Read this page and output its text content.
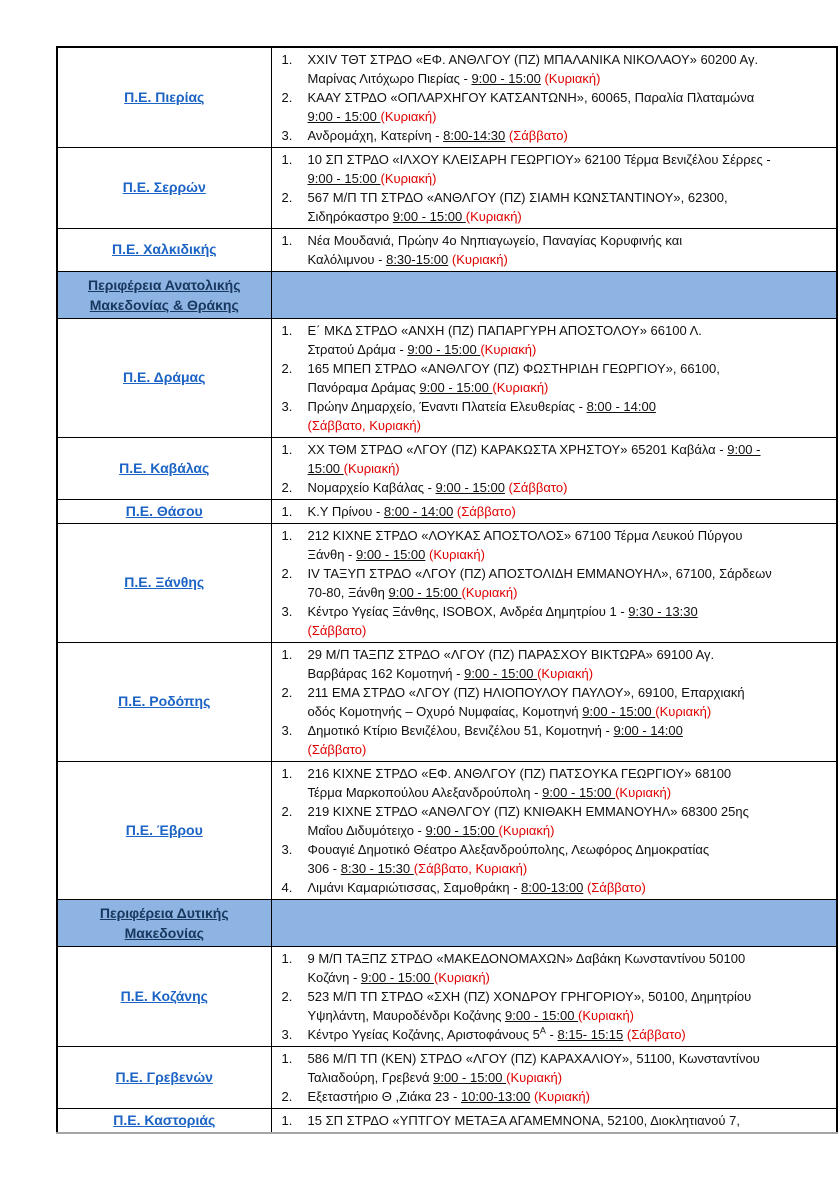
Π.Ε. Πιερίας	
1.	XXIV ΤΘΤ ΣΤΡΔΟ «ΕΦ. ΑΝΘΛΓΟΥ (ΠΖ) ΜΠΑΛΑΝΙΚΑ ΝΙΚΟΛΑΟΥ» 60200 Αγ.
Μαρίνας Λιτόχωρο Πιερίας - 9:00 - 15:00 (Κυριακή)
2.	ΚΑΑΥ ΣΤΡΔΟ «ΟΠΛΑΡΧΗΓΟΥ ΚΑΤΣΑΝΤΩΝΗ», 60065, Παραλία Πλαταμώνα
9:00 - 15:00 (Κυριακή)
3.	Ανδρομάχη, Κατερίνη - 8:00-14:30 (Σάββατο)

Π.Ε. Σερρών	
1.	10 ΣΠ ΣΤΡΔΟ «ΙΛΧΟΥ ΚΛΕΙΣΑΡΗ ΓΕΩΡΓΙΟΥ» 62100 Τέρμα Βενιζέλου Σέρρες -
9:00 - 15:00 (Κυριακή)
2.	567 Μ/Π ΤΠ ΣΤΡΔΟ «ΑΝΘΛΓΟΥ (ΠΖ) ΣΙΑΜΗ ΚΩΝΣΤΑΝΤΙΝΟΥ», 62300,
Σιδηρόκαστρο 9:00 - 15:00 (Κυριακή)

Π.Ε. Χαλκιδικής	1. Νέα Μουδανιά, Πρώην 4ο Νηπιαγωγείο, Παναγίας Κορυφινής και
Καλόλιμνου - 8:30-15:00 (Κυριακή)

Περιφέρεια Ανατολικής
Μακεδονίας & Θράκης	

Π.Ε. Δράμας	
1.	Ε΄ ΜΚΔ ΣΤΡΔΟ «ΑΝΧΗ (ΠΖ) ΠΑΠΑΡΓΥΡΗ ΑΠΟΣΤΟΛΟΥ» 66100 Λ.
Στρατού Δράμα - 9:00 - 15:00 (Κυριακή)
2.	165 ΜΠΕΠ ΣΤΡΔΟ «ΑΝΘΛΓΟΥ (ΠΖ) ΦΩΣΤΗΡΙΔΗ ΓΕΩΡΓΙΟΥ», 66100,
Πανόραμα Δράμας 9:00 - 15:00 (Κυριακή)
3.	Πρώην Δημαρχείο, Έναντι Πλατεία Ελευθερίας - 8:00 - 14:00
(Σάββατο, Κυριακή)

Π.Ε. Καβάλας	1. ΧΧ ΤΘΜ ΣΤΡΔΟ «ΛΓΟΥ (ΠΖ) ΚΑΡΑΚΩΣΤΑ ΧΡΗΣΤΟΥ» 65201 Καβάλα - 9:00 -
15:00 (Κυριακή)
2. Νομαρχείο Καβάλας - 9:00 - 15:00 (Σάββατο)

Π.Ε. Θάσου	1. Κ.Υ Πρίνου - 8:00 - 14:00 (Σάββατο)

Π.Ε. Ξάνθης	
1.	212 ΚΙΧΝΕ ΣΤΡΔΟ «ΛΟΥΚΑΣ ΑΠΟΣΤΟΛΟΣ» 67100 Τέρμα Λευκού Πύργου
Ξάνθη - 9:00 - 15:00 (Κυριακή)
2.	IV ΤΑΞΥΠ ΣΤΡΔΟ «ΛΓΟΥ (ΠΖ) ΑΠΟΣΤΟΛΙΔΗ ΕΜΜΑΝΟΥΗΛ», 67100, Σάρδεων
70-80, Ξάνθη 9:00 - 15:00 (Κυριακή)
3.	Κέντρο Υγείας Ξάνθης, ISOBOX, Ανδρέα Δημητρίου 1 - 9:30 - 13:30
(Σάββατο)

Π.Ε. Ροδόπης	
1.	29 Μ/Π ΤΑΞΠΖ ΣΤΡΔΟ «ΛΓΟΥ (ΠΖ) ΠΑΡΑΣΧΟΥ ΒΙΚΤΩΡΑ» 69100 Αγ.
Βαρβάρας 162 Κομοτηνή - 9:00 - 15:00 (Κυριακή)
2.	211 ΕΜΑ ΣΤΡΔΟ «ΛΓΟΥ (ΠΖ) ΗΛΙΟΠΟΥΛΟΥ ΠΑΥΛΟΥ», 69100, Επαρχιακή
οδός Κομοτηνής – Οχυρό Νυμφαίας, Κομοτηνή 9:00 - 15:00 (Κυριακή)
3.	Δημοτικό Κτίριο Βενιζέλου, Βενιζέλου 51, Κομοτηνή - 9:00 - 14:00
(Σάββατο)

Π.Ε. Έβρου	
1.	216 ΚΙΧΝΕ ΣΤΡΔΟ «ΕΦ. ΑΝΘΛΓΟΥ (ΠΖ) ΠΑΤΣΟΥΚΑ ΓΕΩΡΓΙΟΥ» 68100
Τέρμα Μαρκοπούλου Αλεξανδρούπολη - 9:00 - 15:00 (Κυριακή)
2.	219 ΚΙΧΝΕ ΣΤΡΔΟ «ΑΝΘΛΓΟΥ (ΠΖ) ΚΝΙΘΑΚΗ ΕΜΜΑΝΟΥΗΛ» 68300 25ης
Μαΐου Διδυμότειχο - 9:00 - 15:00 (Κυριακή)
3.	Φουαγιέ Δημοτικό Θέατρο Αλεξανδρούπολης, Λεωφόρος Δημοκρατίας
306 - 8:30 - 15:30 (Σάββατο, Κυριακή)
4.	Λιμάνι Καμαριώτισσας, Σαμοθράκη - 8:00-13:00 (Σάββατο)

Περιφέρεια Δυτικής
Μακεδονίας	

Π.Ε. Κοζάνης	
1.	9 Μ/Π ΤΑΞΠΖ ΣΤΡΔΟ «ΜΑΚΕΔΟΝΟΜΑΧΩΝ» Δαβάκη Κωνσταντίνου 50100
Κοζάνη - 9:00 - 15:00 (Κυριακή)
2.	523 Μ/Π ΤΠ ΣΤΡΔΟ «ΣΧΗ (ΠΖ) ΧΟΝΔΡΟΥ ΓΡΗΓΟΡΙΟΥ», 50100, Δημητρίου
Υψηλάντη, Μαυροδένδρι Κοζάνης 9:00 - 15:00 (Κυριακή)
3.	Κέντρο Υγείας Κοζάνης, Αριστοφάνους $5^A$ - 8:15- 15:15 (Σάββατο)

Π.Ε. Γρεβενών	1. 586 Μ/Π ΤΠ (ΚΕΝ) ΣΤΡΔΟ «ΛΓΟΥ (ΠΖ) ΚΑΡΑΧΑΛΙΟΥ», 51100, Κωνσταντίνου
Ταλιαδούρη, Γρεβενά 9:00 - 15:00 (Κυριακή)
2. Εξεταστήριο Θ ,Ζιάκα 23 - 10:00-13:00 (Κυριακή)

Π.Ε. Καστοριάς	1. 15 ΣΠ ΣΤΡΔΟ «ΥΠΤΓΟΥ ΜΕΤΑΞΑ ΑΓΑΜΕΜΝΟΝΑ, 52100, Διοκλητιανού 7,
